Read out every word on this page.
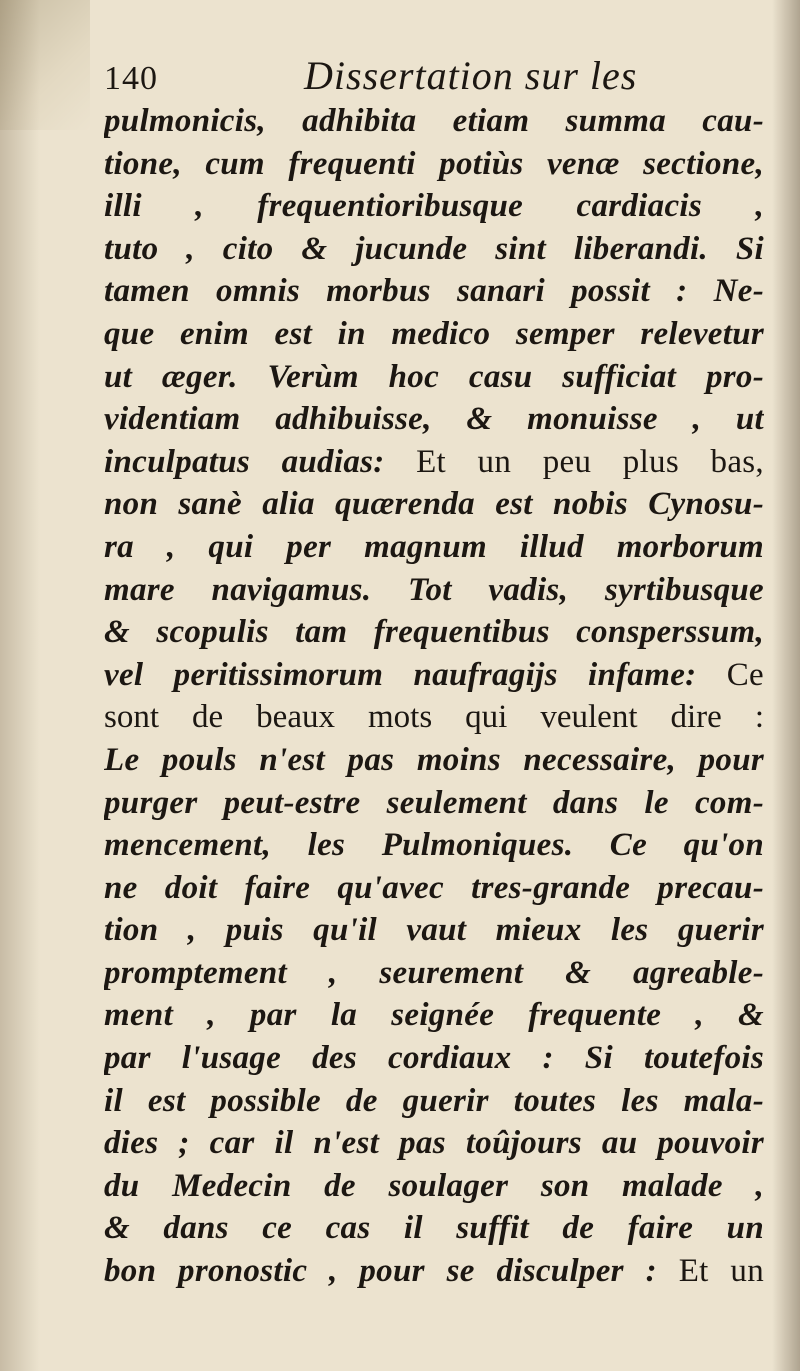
140	Dissertation sur les
pulmonicis, adhibita etiam summa cau-
tione, cum frequenti potiùs venæ sectione,
illi , frequentioribusque cardiacis ,
tuto , cito & jucunde sint liberandi. Si
tamen omnis morbus sanari possit : Ne-
que enim est in medico semper relevetur
ut æger. Verùm hoc casu sufficiat pro-
videntiam adhibuisse, & monuisse , ut
inculpatus audias: Et un peu plus bas,
non sanè alia quærenda est nobis Cynosu-
ra , qui per magnum illud morborum
mare navigamus. Tot vadis, syrtibusque
& scopulis tam frequentibus consperssum,
vel peritissimorum naufragijs infame: Ce
sont de beaux mots qui veulent dire :
Le pouls n'est pas moins necessaire, pour
purger peut-estre seulement dans le com-
mencement, les Pulmoniques. Ce qu'on
ne doit faire qu'avec tres-grande precau-
tion , puis qu'il vaut mieux les guerir
promptement , seurement & agreable-
ment , par la seignée frequente , &
par l'usage des cordiaux : Si toutefois
il est possible de guerir toutes les mala-
dies ; car il n'est pas toûjours au pouvoir
du Medecin de soulager son malade ,
& dans ce cas il suffit de faire un
bon pronostic , pour se disculper : Et un
